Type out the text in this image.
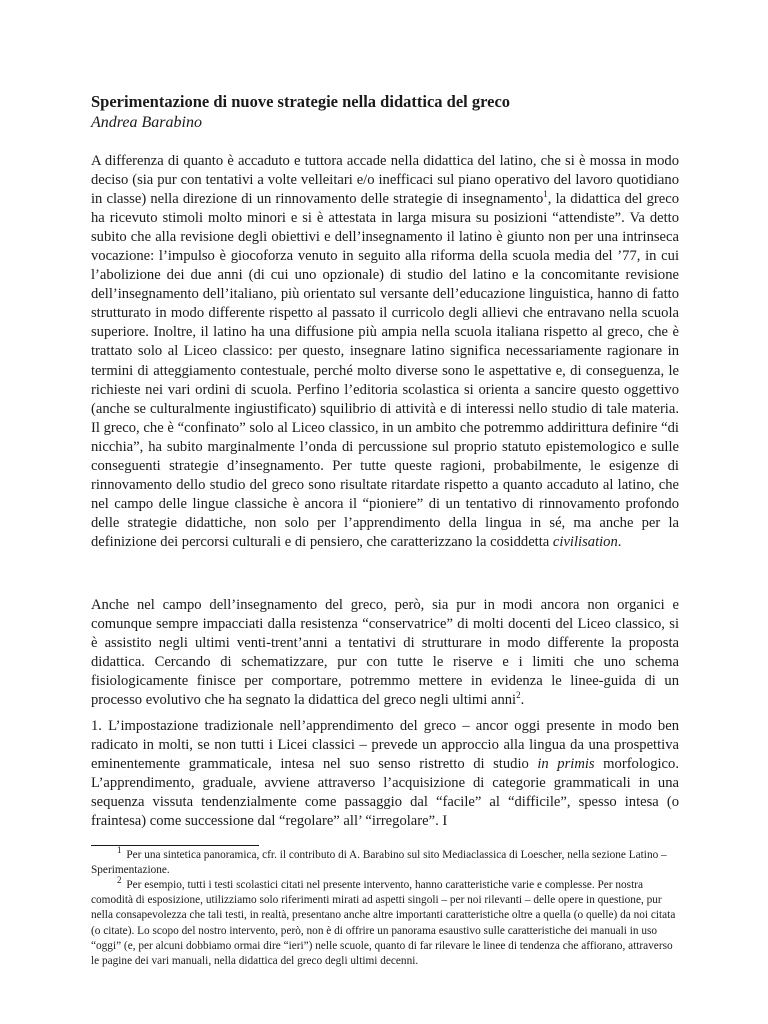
Sperimentazione di nuove strategie nella didattica del greco
Andrea Barabino

A differenza di quanto è accaduto e tuttora accade nella didattica del latino, che si è mossa in modo deciso (sia pur con tentativi a volte velleitari e/o inefficaci sul piano operativo del lavoro quotidiano in classe) nella direzione di un rinnovamento delle strategie di insegnamento$^1$, la didattica del greco ha ricevuto stimoli molto minori e si è attestata in larga misura su posizioni “attendiste”. Va detto subito che alla revisione degli obiettivi e dell’insegnamento il latino è giunto non per una intrinseca vocazione: l’impulso è giocoforza venuto in seguito alla riforma della scuola media del ’77, in cui l’abolizione dei due anni (di cui uno opzionale) di studio del latino e la concomitante revisione dell’insegnamento dell’italiano, più orientato sul versante dell’educazione linguistica, hanno di fatto strutturato in modo differente rispetto al passato il curricolo degli allievi che entravano nella scuola superiore. Inoltre, il latino ha una diffusione più ampia nella scuola italiana rispetto al greco, che è trattato solo al Liceo classico: per questo, insegnare latino significa necessariamente ragionare in termini di atteggiamento contestuale, perché molto diverse sono le aspettative e, di conseguenza, le richieste nei vari ordini di scuola. Perfino l’editoria scolastica si orienta a sancire questo oggettivo (anche se culturalmente ingiustificato) squilibrio di attività e di interessi nello studio di tale materia. Il greco, che è “confinato” solo al Liceo classico, in un ambito che potremmo addirittura definire “di nicchia”, ha subito marginalmente l’onda di percussione sul proprio statuto epistemologico e sulle conseguenti strategie d’insegnamento. Per tutte queste ragioni, probabilmente, le esigenze di rinnovamento dello studio del greco sono risultate ritardate rispetto a quanto accaduto al latino, che nel campo delle lingue classiche è ancora il “pioniere” di un tentativo di rinnovamento profondo delle strategie didattiche, non solo per l’apprendimento della lingua in sé, ma anche per la definizione dei percorsi culturali e di pensiero, che caratterizzano la cosiddetta civilisation.

Anche nel campo dell’insegnamento del greco, però, sia pur in modi ancora non organici e comunque sempre impacciati dalla resistenza “conservatrice” di molti docenti del Liceo classico, si è assistito negli ultimi venti-trent’anni a tentativi di strutturare in modo differente la proposta didattica. Cercando di schematizzare, pur con tutte le riserve e i limiti che uno schema fisiologicamente finisce per comportare, potremmo mettere in evidenza le linee-guida di un processo evolutivo che ha segnato la didattica del greco negli ultimi anni$^2$.

1. L’impostazione tradizionale nell’apprendimento del greco – ancor oggi presente in modo ben radicato in molti, se non tutti i Licei classici – prevede un approccio alla lingua da una prospettiva eminentemente grammaticale, intesa nel suo senso ristretto di studio in primis morfologico. L’apprendimento, graduale, avviene attraverso l’acquisizione di categorie grammaticali in una sequenza vissuta tendenzialmente come passaggio dal “facile” al “difficile”, spesso intesa (o fraintesa) come successione dal “regolare” all’ “irregolare”. I

$^1$ Per una sintetica panoramica, cfr. il contributo di A. Barabino sul sito Mediaclassica di Loescher, nella sezione Latino – Sperimentazione.

$^2$ Per esempio, tutti i testi scolastici citati nel presente intervento, hanno caratteristiche varie e complesse. Per nostra comodità di esposizione, utilizziamo solo riferimenti mirati ad aspetti singoli – per noi rilevanti – delle opere in questione, pur nella consapevolezza che tali testi, in realtà, presentano anche altre importanti caratteristiche oltre a quella (o quelle) da noi citata (o citate). Lo scopo del nostro intervento, però, non è di offrire un panorama esaustivo sulle caratteristiche dei manuali in uso “oggi” (e, per alcuni dobbiamo ormai dire “ieri”) nelle scuole, quanto di far rilevare le linee di tendenza che affiorano, attraverso le pagine dei vari manuali, nella didattica del greco degli ultimi decenni.
